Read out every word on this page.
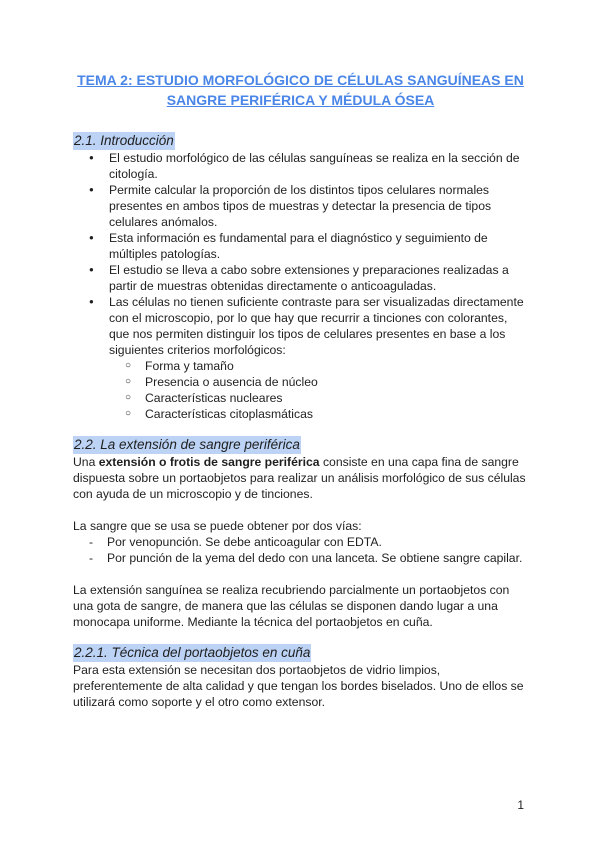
TEMA 2: ESTUDIO MORFOLÓGICO DE CÉLULAS SANGUÍNEAS EN
SANGRE PERIFÉRICA Y MÉDULA ÓSEA
2.1. Introducción
● El estudio morfológico de las células sanguíneas se realiza en la sección de citología.
● Permite calcular la proporción de los distintos tipos celulares normales presentes en ambos tipos de muestras y detectar la presencia de tipos celulares anómalos.
● Esta información es fundamental para el diagnóstico y seguimiento de múltiples patologías.
● El estudio se lleva a cabo sobre extensiones y preparaciones realizadas a partir de muestras obtenidas directamente o anticoaguladas.
● Las células no tienen suficiente contraste para ser visualizadas directamente con el microscopio, por lo que hay que recurrir a tinciones con colorantes, que nos permiten distinguir los tipos de celulares presentes en base a los siguientes criterios morfológicos:
○ Forma y tamaño
○ Presencia o ausencia de núcleo
○ Características nucleares
○ Características citoplasmáticas
2.2. La extensión de sangre periférica

Una extensión o frotis de sangre periférica consiste en una capa fina de sangre dispuesta sobre un portaobjetos para realizar un análisis morfológico de sus células con ayuda de un microscopio y de tinciones.

La sangre que se usa se puede obtener por dos vías:

- Por venopunción. Se debe anticoagular con EDTA.
- Por punción de la yema del dedo con una lanceta. Se obtiene sangre capilar.

La extensión sanguínea se realiza recubriendo parcialmente un portaobjetos con una gota de sangre, de manera que las células se disponen dando lugar a una monocapa uniforme. Mediante la técnica del portaobjetos en cuña.

2.2.1. Técnica del portaobjetos en cuña

Para esta extensión se necesitan dos portaobjetos de vidrio limpios, preferentemente de alta calidad y que tengan los bordes biselados. Uno de ellos se utilizará como soporte y el otro como extensor.

1
